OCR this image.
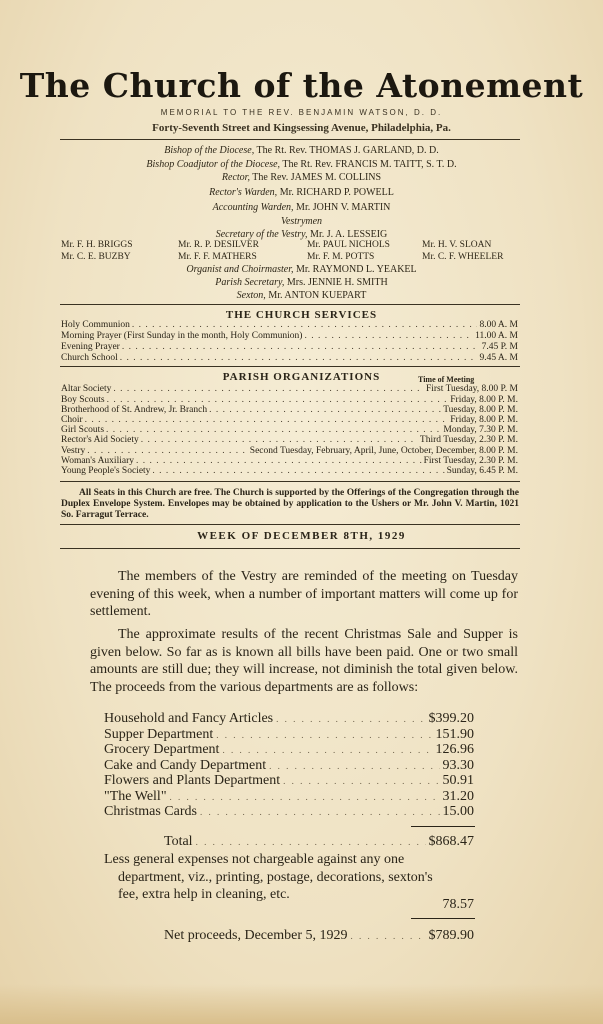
The Church of the Atonement
MEMORIAL TO THE REV. BENJAMIN WATSON, D. D.
Forty-Seventh Street and Kingsessing Avenue, Philadelphia, Pa.
Bishop of the Diocese, The Rt. Rev. THOMAS J. GARLAND, D. D.
Bishop Coadjutor of the Diocese, The Rt. Rev. FRANCIS M. TAITT, S. T. D.
Rector, The Rev. JAMES M. COLLINS
Rector's Warden, Mr. RICHARD P. POWELL
Accounting Warden, Mr. JOHN V. MARTIN
Vestrymen
Secretary of the Vestry, Mr. J. A. LESSEIG
Mr. F. H. BRIGGS	Mr. R. P. DESILVER	Mr. PAUL NICHOLS	Mr. H. V. SLOAN
Mr. C. E. BUZBY	Mr. F. F. MATHERS	Mr. F. M. POTTS	Mr. C. F. WHEELER
Organist and Choirmaster, Mr. RAYMOND L. YEAKEL
Parish Secretary, Mrs. JENNIE H. SMITH
Sexton, Mr. ANTON KUEPART
THE CHURCH SERVICES
Holy Communion . . .	8.00 A. M
Morning Prayer (First Sunday in the month, Holy Communion) . . .	11.00 A. M
Evening Prayer . . .	7.45 P. M
Church School . . .	9.45 A. M
PARISH ORGANIZATIONS	Time of Meeting
Altar Society . . .	First Tuesday, 8.00 P. M
Boy Scouts . . .	Friday, 8.00 P. M.
Brotherhood of St. Andrew, Jr. Branch . . .	Tuesday, 8.00 P. M.
Choir . . .	Friday, 8.00 P. M.
Girl Scouts . . .	Monday, 7.30 P. M.
Rector's Aid Society . . .	Third Tuesday, 2.30 P. M.
Vestry . . .	Second Tuesday, February, April, June, October, December, 8.00 P. M.
Woman's Auxiliary . . .	First Tuesday, 2.30 P. M.
Young People's Society . . .	Sunday, 6.45 P. M.
All Seats in this Church are free. The Church is supported by the Offerings of the Congregation through the Duplex Envelope System. Envelopes may be obtained by application to the Ushers or Mr. John V. Martin, 1021 So. Farragut Terrace.
WEEK OF DECEMBER 8TH, 1929
The members of the Vestry are reminded of the meeting on Tuesday evening of this week, when a number of important matters will come up for settlement.
The approximate results of the recent Christmas Sale and Supper is given below. So far as is known all bills have been paid. One or two small amounts are still due; they will increase, not diminish the total given below. The proceeds from the various departments are as follows:
Household and Fancy Articles . . .	$399.20
Supper Department . . .	151.90
Grocery Department . . .	126.96
Cake and Candy Department . . .	93.30
Flowers and Plants Department . . .	50.91
"The Well" . . .	31.20
Christmas Cards . . .	15.00
Total . . .	$868.47
Less general expenses not chargeable against any one department, viz., printing, postage, decorations, sexton's fee, extra help in cleaning, etc.
78.57
Net proceeds, December 5, 1929 . . .	$789.90
